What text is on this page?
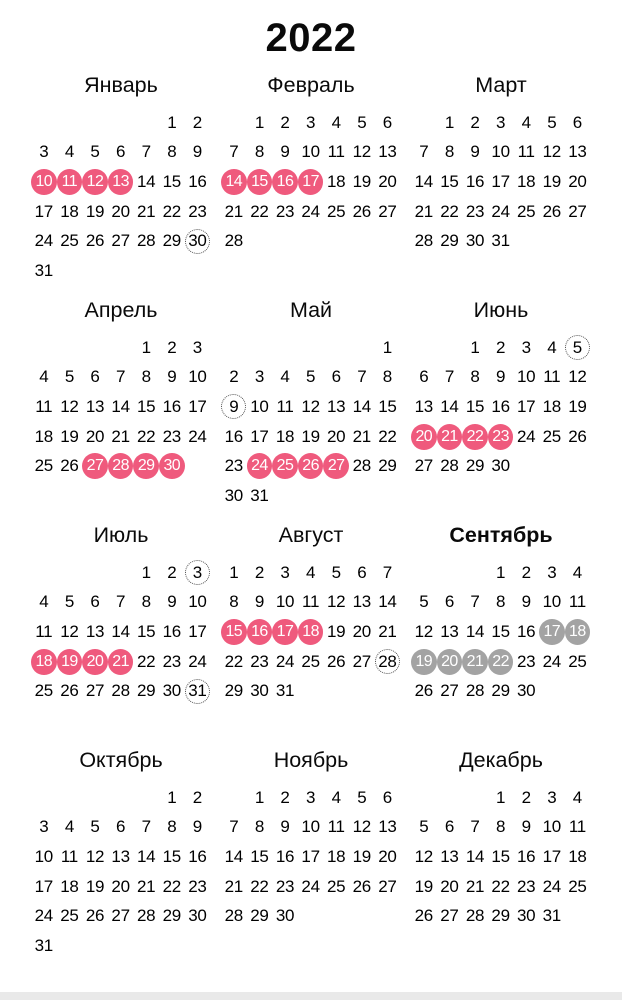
2022
Январь
1 2
3 4 5 6 7 8 9
10 11 12 13 14 15 16
17 18 19 20 21 22 23
24 25 26 27 28 29 30
31
Февраль
1 2 3 4 5 6
7 8 9 10 11 12 13
14 15 16 17 18 19 20
21 22 23 24 25 26 27
28
Март
1 2 3 4 5 6
7 8 9 10 11 12 13
14 15 16 17 18 19 20
21 22 23 24 25 26 27
28 29 30 31
Апрель
1 2 3
4 5 6 7 8 9 10
11 12 13 14 15 16 17
18 19 20 21 22 23 24
25 26 27 28 29 30
Май
1
2 3 4 5 6 7 8
9 10 11 12 13 14 15
16 17 18 19 20 21 22
23 24 25 26 27 28 29
30 31
Июнь
1 2 3 4 5
6 7 8 9 10 11 12
13 14 15 16 17 18 19
20 21 22 23 24 25 26
27 28 29 30
Июль
1 2 3
4 5 6 7 8 9 10
11 12 13 14 15 16 17
18 19 20 21 22 23 24
25 26 27 28 29 30 31
Август
1 2 3 4 5 6 7
8 9 10 11 12 13 14
15 16 17 18 19 20 21
22 23 24 25 26 27 28
29 30 31
Сентябрь
1 2 3 4
5 6 7 8 9 10 11
12 13 14 15 16 17 18
19 20 21 22 23 24 25
26 27 28 29 30
Октябрь
1 2
3 4 5 6 7 8 9
10 11 12 13 14 15 16
17 18 19 20 21 22 23
24 25 26 27 28 29 30
31
Ноябрь
1 2 3 4 5 6
7 8 9 10 11 12 13
14 15 16 17 18 19 20
21 22 23 24 25 26 27
28 29 30
Декабрь
1 2 3 4
5 6 7 8 9 10 11
12 13 14 15 16 17 18
19 20 21 22 23 24 25
26 27 28 29 30 31
